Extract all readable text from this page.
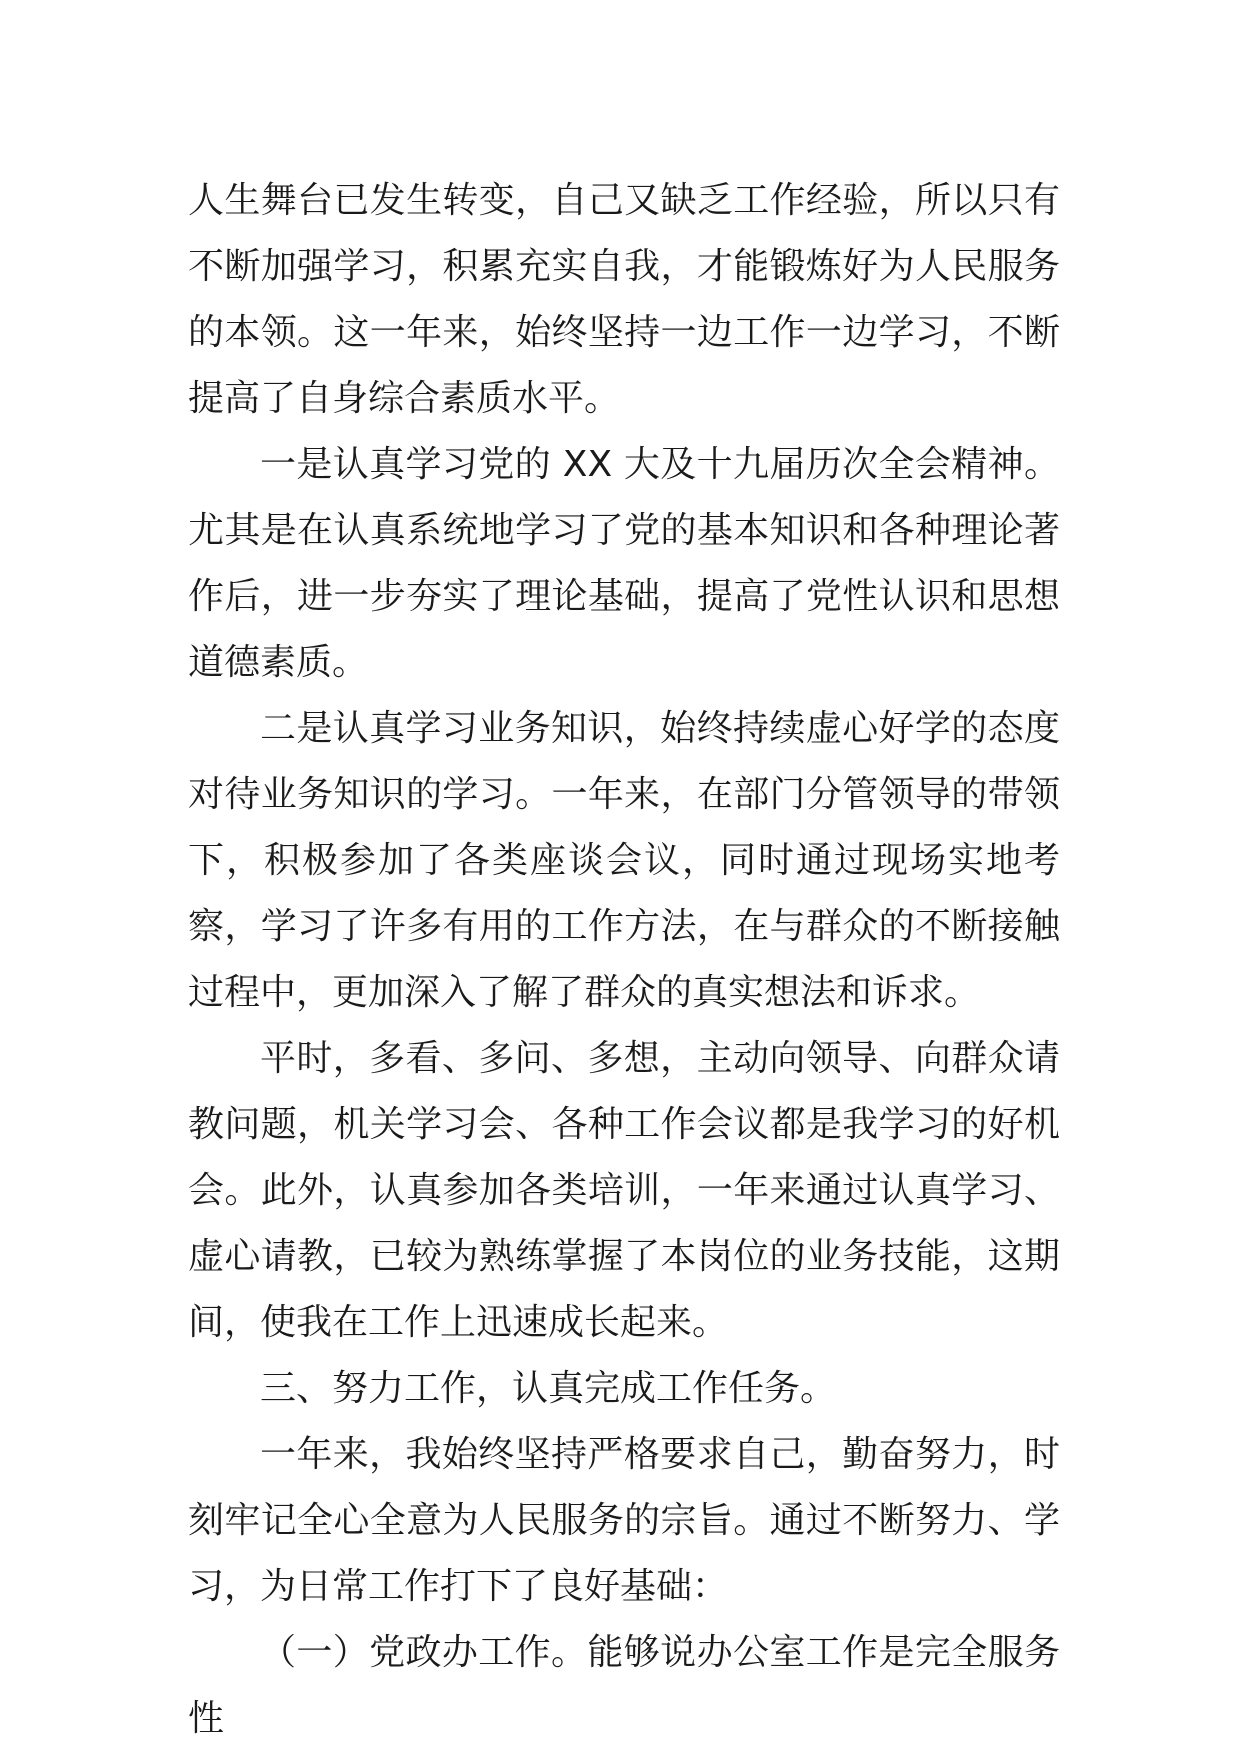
人生舞台已发生转变，自己又缺乏工作经验，所以只有不断加强学习，积累充实自我，才能锻炼好为人民服务的本领。这一年来，始终坚持一边工作一边学习，不断提高了自身综合素质水平。

一是认真学习党的 XX 大及十九届历次全会精神。尤其是在认真系统地学习了党的基本知识和各种理论著作后，进一步夯实了理论基础，提高了党性认识和思想道德素质。

二是认真学习业务知识，始终持续虚心好学的态度对待业务知识的学习。一年来，在部门分管领导的带领下，积极参加了各类座谈会议，同时通过现场实地考察，学习了许多有用的工作方法，在与群众的不断接触过程中，更加深入了解了群众的真实想法和诉求。

平时，多看、多问、多想，主动向领导、向群众请教问题，机关学习会、各种工作会议都是我学习的好机会。此外，认真参加各类培训，一年来通过认真学习、虚心请教，已较为熟练掌握了本岗位的业务技能，这期间，使我在工作上迅速成长起来。

三、努力工作，认真完成工作任务。

一年来，我始终坚持严格要求自己，勤奋努力，时刻牢记全心全意为人民服务的宗旨。通过不断努力、学习，为日常工作打下了良好基础：

（一）党政办工作。能够说办公室工作是完全服务性
